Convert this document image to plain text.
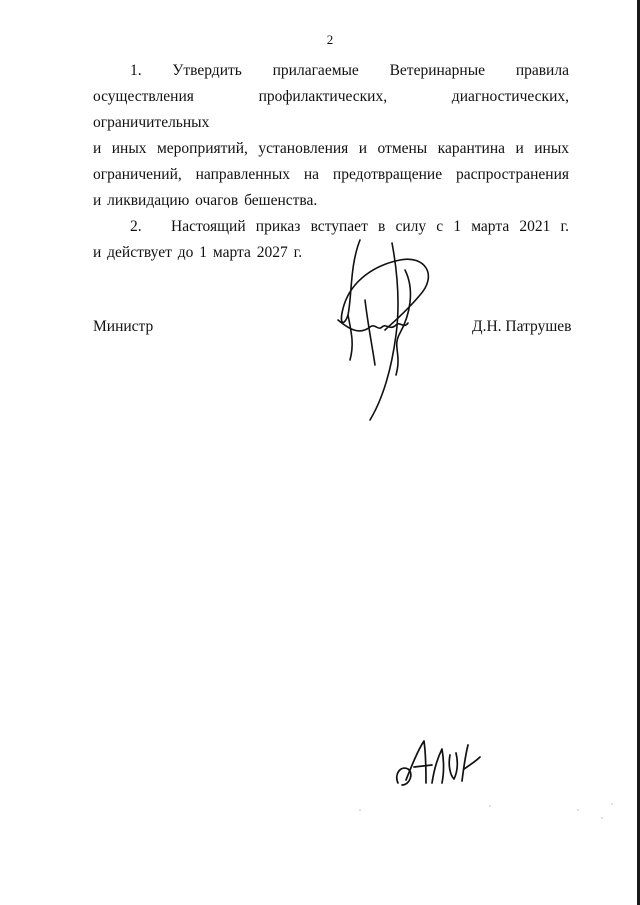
2
1. Утвердить прилагаемые Ветеринарные правила
осуществления профилактических, диагностических, ограничительных
и иных мероприятий, установления и отмены карантина и иных
ограничений, направленных на предотвращение распространения
и ликвидацию очагов бешенства.
2. Настоящий приказ вступает в силу с 1 марта 2021 г.
и действует до 1 марта 2027 г.
Министр	Д.Н. Патрушев
